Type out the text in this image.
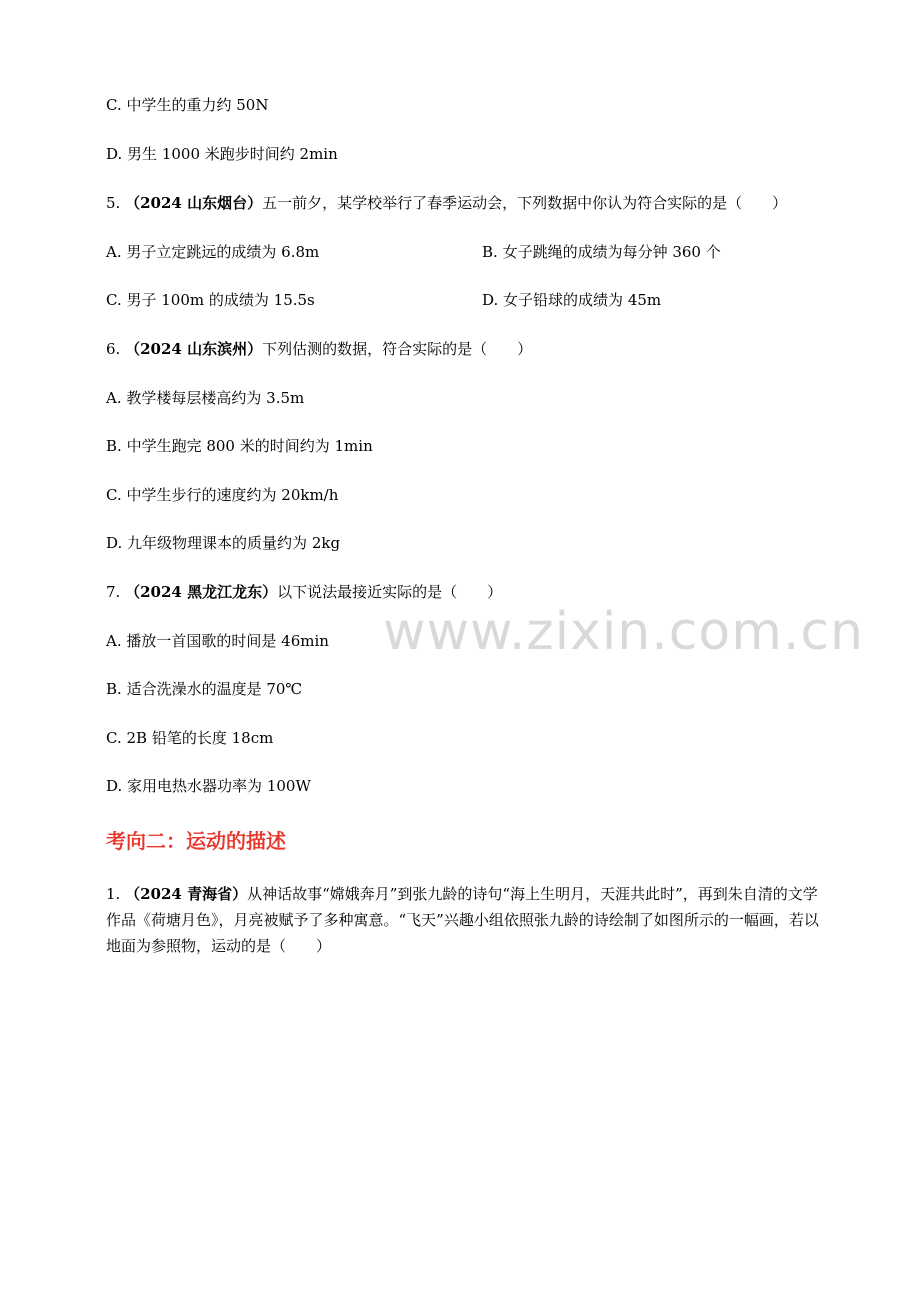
C. 中学生的重力约 50N
D. 男生 1000 米跑步时间约 2min
5. （2024 山东烟台）五一前夕，某学校举行了春季运动会，下列数据中你认为符合实际的是（　　）
A. 男子立定跳远的成绩为 6.8m	B. 女子跳绳的成绩为每分钟 360 个
C. 男子 100m 的成绩为 15.5s	D. 女子铅球的成绩为 45m
6. （2024 山东滨州）下列估测的数据，符合实际的是（　　）
A. 教学楼每层楼高约为 3.5m
B. 中学生跑完 800 米的时间约为 1min
C. 中学生步行的速度约为 20km/h
D. 九年级物理课本的质量约为 2kg
7. （2024 黑龙江龙东）以下说法最接近实际的是（　　）
A. 播放一首国歌的时间是 46min
B. 适合洗澡水的温度是 70℃
C. 2B 铅笔的长度 18cm
D. 家用电热水器功率为 100W
考向二：运动的描述
1. （2024 青海省）从神话故事“嫦娥奔月”到张九龄的诗句“海上生明月，天涯共此时”，再到朱自清的文学作品《荷塘月色》，月亮被赋予了多种寓意。“飞天”兴趣小组依照张九龄的诗绘制了如图所示的一幅画，若以地面为参照物，运动的是（　　）
www.zixin.com.cn
